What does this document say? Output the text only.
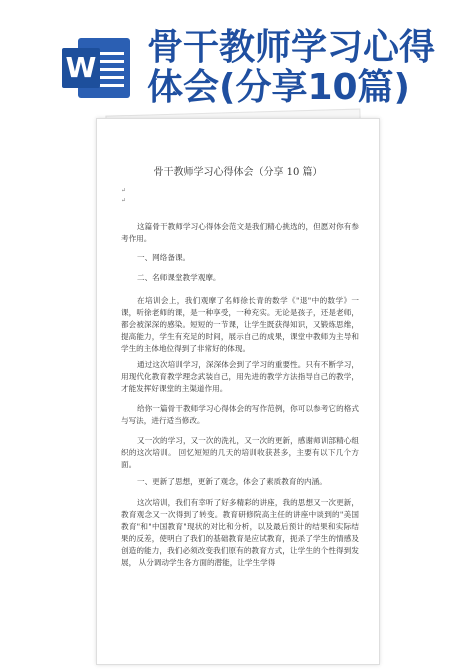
W 骨干教师学习心得
体会(分享10篇)
骨干教师学习心得体会（分享 10 篇）
↵
↵

这篇骨干教师学习心得体会范文是我们精心挑选的，但愿对你有参考作用。

一、网络备课。

二、名师课堂教学观摩。

在培训会上，我们观摩了名师徐长青的数学《"退"中的数学》一课，听徐老师的课，是一种享受，一种充实。无论是孩子，还是老师，都会被深深的感染。短短的一节课，让学生既获得知识，又锻炼思维，提高能力，学生有充足的时间，展示自己的成果，课堂中教师为主导和学生的主体地位得到了非常好的体现。

通过这次培训学习，深深体会到了学习的重要性。只有不断学习，用现代化教育教学理念武装自己，用先进的教学方法指导自己的教学，才能发挥好课堂的主渠道作用。

给你一篇骨干教师学习心得体会的写作范例，你可以参考它的格式与写法，进行适当修改。

又一次的学习，又一次的洗礼，又一次的更新，感谢师训部精心组织的这次培训。 回忆短短的几天的培训收获甚多，主要有以下几个方面。

一、更新了思想，更新了观念，体会了素质教育的内涵。

这次培训，我们有幸听了好多精彩的讲座，我的思想又一次更新，教育观念又一次得到了转变。教育研修院高主任的讲座中谈到的"美国教育"和"中国教育"现状的对比和分析，以及最后预计的结果和实际结果的反差，使明白了我们的基础教育是应试教育，扼杀了学生的情感及创造的能力，我们必须改变我们原有的教育方式，让学生的个性得到发展， 从分调动学生各方面的潜能，让学生学得
